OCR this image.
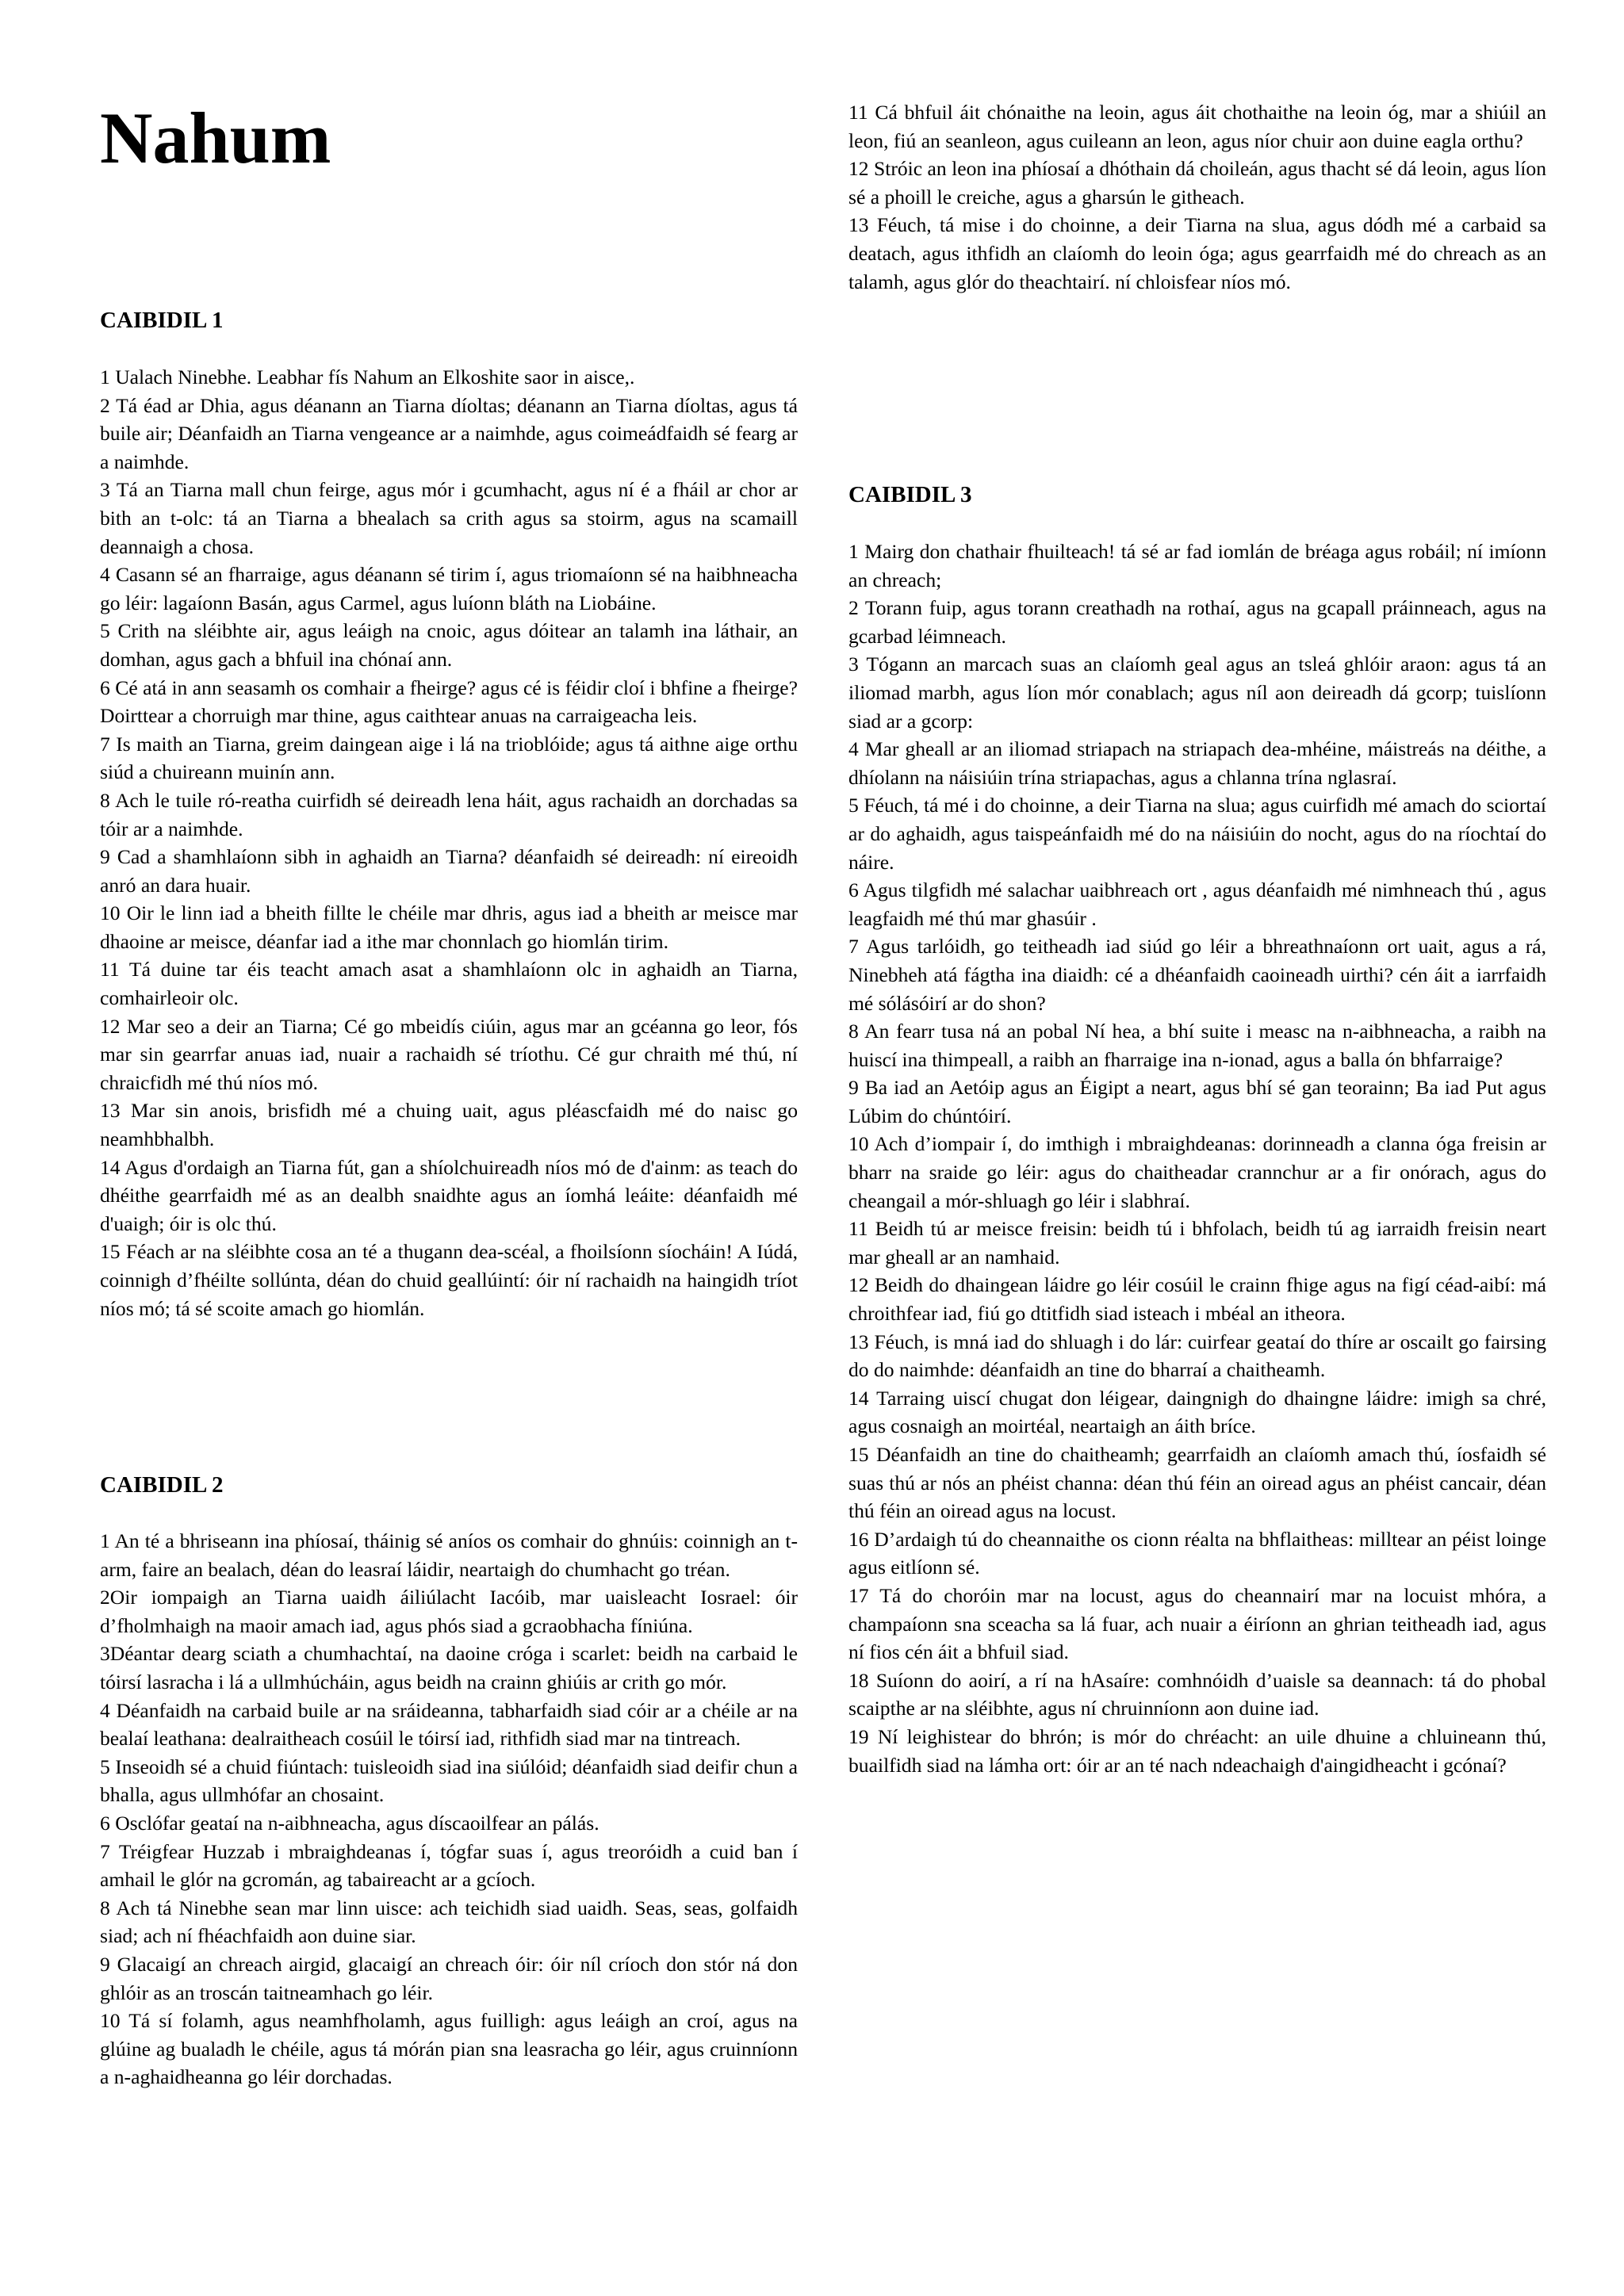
Nahum
CAIBIDIL 1

1 Ualach Ninebhe. Leabhar fís Nahum an Elkoshite saor in aisce,.

2 Tá éad ar Dhia, agus déanann an Tiarna díoltas; déanann an Tiarna díoltas, agus tá buile air; Déanfaidh an Tiarna vengeance ar a naimhde, agus coimeádfaidh sé fearg ar a naimhde.

3 Tá an Tiarna mall chun feirge, agus mór i gcumhacht, agus ní é a fháil ar chor ar bith an t-olc: tá an Tiarna a bhealach sa crith agus sa stoirm, agus na scamaill deannaigh a chosa.

4 Casann sé an fharraige, agus déanann sé tirim í, agus triomaíonn sé na haibhneacha go léir: lagaíonn Basán, agus Carmel, agus luíonn bláth na Liobáine.

5 Crith na sléibhte air, agus leáigh na cnoic, agus dóitear an talamh ina láthair, an domhan, agus gach a bhfuil ina chónaí ann.

6 Cé atá in ann seasamh os comhair a fheirge? agus cé is féidir cloí i bhfine a fheirge? Doirttear a chorruigh mar thine, agus caithtear anuas na carraigeacha leis.

7 Is maith an Tiarna, greim daingean aige i lá na trioblóide; agus tá aithne aige orthu siúd a chuireann muinín ann.

8 Ach le tuile ró-reatha cuirfidh sé deireadh lena háit, agus rachaidh an dorchadas sa tóir ar a naimhde.

9 Cad a shamhlaíonn sibh in aghaidh an Tiarna? déanfaidh sé deireadh: ní eireoidh anró an dara huair.

10 Oir le linn iad a bheith fillte le chéile mar dhris, agus iad a bheith ar meisce mar dhaoine ar meisce, déanfar iad a ithe mar chonnlach go hiomlán tirim.

11 Tá duine tar éis teacht amach asat a shamhlaíonn olc in aghaidh an Tiarna, comhairleoir olc.

12 Mar seo a deir an Tiarna; Cé go mbeidís ciúin, agus mar an gcéanna go leor, fós mar sin gearrfar anuas iad, nuair a rachaidh sé tríothu. Cé gur chraith mé thú, ní chraicfidh mé thú níos mó.

13 Mar sin anois, brisfidh mé a chuing uait, agus pléascfaidh mé do naisc go neamhbhalbh.

14 Agus d'ordaigh an Tiarna fút, gan a shíolchuireadh níos mó de d'ainm: as teach do dhéithe gearrfaidh mé as an dealbh snaidhte agus an íomhá leáite: déanfaidh mé d'uaigh; óir is olc thú.

15 Féach ar na sléibhte cosa an té a thugann dea-scéal, a fhoilsíonn síocháin! A Iúdá, coinnigh d’fhéilte sollúnta, déan do chuid geallúintí: óir ní rachaidh na haingidh tríot níos mó; tá sé scoite amach go hiomlán.

CAIBIDIL 2

1 An té a bhriseann ina phíosaí, tháinig sé aníos os comhair do ghnúis: coinnigh an t-arm, faire an bealach, déan do leasraí láidir, neartaigh do chumhacht go tréan.

2Oir iompaigh an Tiarna uaidh áiliúlacht Iacóib, mar uaisleacht Iosrael: óir d’fholmhaigh na maoir amach iad, agus phós siad a gcraobhacha fíniúna.

3Déantar dearg sciath a chumhachtaí, na daoine cróga i scarlet: beidh na carbaid le tóirsí lasracha i lá a ullmhúcháin, agus beidh na crainn ghiúis ar crith go mór.

4 Déanfaidh na carbaid buile ar na sráideanna, tabharfaidh siad cóir ar a chéile ar na bealaí leathana: dealraitheach cosúil le tóirsí iad, rithfidh siad mar na tintreach.

5 Inseoidh sé a chuid fiúntach: tuisleoidh siad ina siúlóid; déanfaidh siad deifir chun a bhalla, agus ullmhófar an chosaint.

6 Osclófar geataí na n-aibhneacha, agus díscaoilfear an pálás.

7 Tréigfear Huzzab i mbraighdeanas í, tógfar suas í, agus treoróidh a cuid ban í amhail le glór na gcromán, ag tabaireacht ar a gcíoch.

8 Ach tá Ninebhe sean mar linn uisce: ach teichidh siad uaidh. Seas, seas, golfaidh siad; ach ní fhéachfaidh aon duine siar.

9 Glacaigí an chreach airgid, glacaigí an chreach óir: óir níl críoch don stór ná don ghlóir as an troscán taitneamhach go léir.

10 Tá sí folamh, agus neamhfholamh, agus fuilligh: agus leáigh an croí, agus na glúine ag bualadh le chéile, agus tá mórán pian sna leasracha go léir, agus cruinníonn a n-aghaidheanna go léir dorchadas.

11 Cá bhfuil áit chónaithe na leoin, agus áit chothaithe na leoin óg, mar a shiúil an leon, fiú an seanleon, agus cuileann an leon, agus níor chuir aon duine eagla orthu?

12 Stróic an leon ina phíosaí a dhóthain dá choileán, agus thacht sé dá leoin, agus líon sé a phoill le creiche, agus a gharsún le githeach.

13 Féuch, tá mise i do choinne, a deir Tiarna na slua, agus dódh mé a carbaid sa deatach, agus ithfidh an claíomh do leoin óga; agus gearrfaidh mé do chreach as an talamh, agus glór do theachtairí. ní chloisfear níos mó.

CAIBIDIL 3

1 Mairg don chathair fhuilteach! tá sé ar fad iomlán de bréaga agus robáil; ní imíonn an chreach;

2 Torann fuip, agus torann creathadh na rothaí, agus na gcapall práinneach, agus na gcarbad léimneach.

3 Tógann an marcach suas an claíomh geal agus an tsleá ghlóir araon: agus tá an iliomad marbh, agus líon mór conablach; agus níl aon deireadh dá gcorp; tuislíonn siad ar a gcorp:

4 Mar gheall ar an iliomad striapach na striapach dea-mhéine, máistreás na déithe, a dhíolann na náisiúin trína striapachas, agus a chlanna trína nglasraí.

5 Féuch, tá mé i do choinne, a deir Tiarna na slua; agus cuirfidh mé amach do sciortaí ar do aghaidh, agus taispeánfaidh mé do na náisiúin do nocht, agus do na ríochtaí do náire.

6 Agus tilgfidh mé salachar uaibhreach ort , agus déanfaidh mé nimhneach thú , agus leagfaidh mé thú mar ghasúir .

7 Agus tarlóidh, go teitheadh iad siúd go léir a bhreathnaíonn ort uait, agus a rá, Ninebheh atá fágtha ina diaidh: cé a dhéanfaidh caoineadh uirthi? cén áit a iarrfaidh mé sólásóirí ar do shon?

8 An fearr tusa ná an pobal Ní hea, a bhí suite i measc na n-aibhneacha, a raibh na huiscí ina thimpeall, a raibh an fharraige ina n-ionad, agus a balla ón bhfarraige?

9 Ba iad an Aetóip agus an Éigipt a neart, agus bhí sé gan teorainn; Ba iad Put agus Lúbim do chúntóirí.

10 Ach d’iompair í, do imthigh i mbraighdeanas: dorinneadh a clanna óga freisin ar bharr na sraide go léir: agus do chaitheadar crannchur ar a fir onórach, agus do cheangail a mór-shluagh go léir i slabhraí.

11 Beidh tú ar meisce freisin: beidh tú i bhfolach, beidh tú ag iarraidh freisin neart mar gheall ar an namhaid.

12 Beidh do dhaingean láidre go léir cosúil le crainn fhige agus na figí céad-aibí: má chroithfear iad, fiú go dtitfidh siad isteach i mbéal an itheora.

13 Féuch, is mná iad do shluagh i do lár: cuirfear geataí do thíre ar oscailt go fairsing do do naimhde: déanfaidh an tine do bharraí a chaitheamh.

14 Tarraing uiscí chugat don léigear, daingnigh do dhaingne láidre: imigh sa chré, agus cosnaigh an moirtéal, neartaigh an áith bríce.

15 Déanfaidh an tine do chaitheamh; gearrfaidh an claíomh amach thú, íosfaidh sé suas thú ar nós an phéist channa: déan thú féin an oiread agus an phéist cancair, déan thú féin an oiread agus na locust.

16 D’ardaigh tú do cheannaithe os cionn réalta na bhflaitheas: milltear an péist loinge agus eitlíonn sé.

17 Tá do choróin mar na locust, agus do cheannairí mar na locuist mhóra, a champaíonn sna sceacha sa lá fuar, ach nuair a éiríonn an ghrian teitheadh iad, agus ní fios cén áit a bhfuil siad.

18 Suíonn do aoirí, a rí na hAsaíre: comhnóidh d’uaisle sa deannach: tá do phobal scaipthe ar na sléibhte, agus ní chruinníonn aon duine iad.

19 Ní leighistear do bhrón; is mór do chréacht: an uile dhuine a chluineann thú, buailfidh siad na lámha ort: óir ar an té nach ndeachaigh d'aingidheacht i gcónaí?
